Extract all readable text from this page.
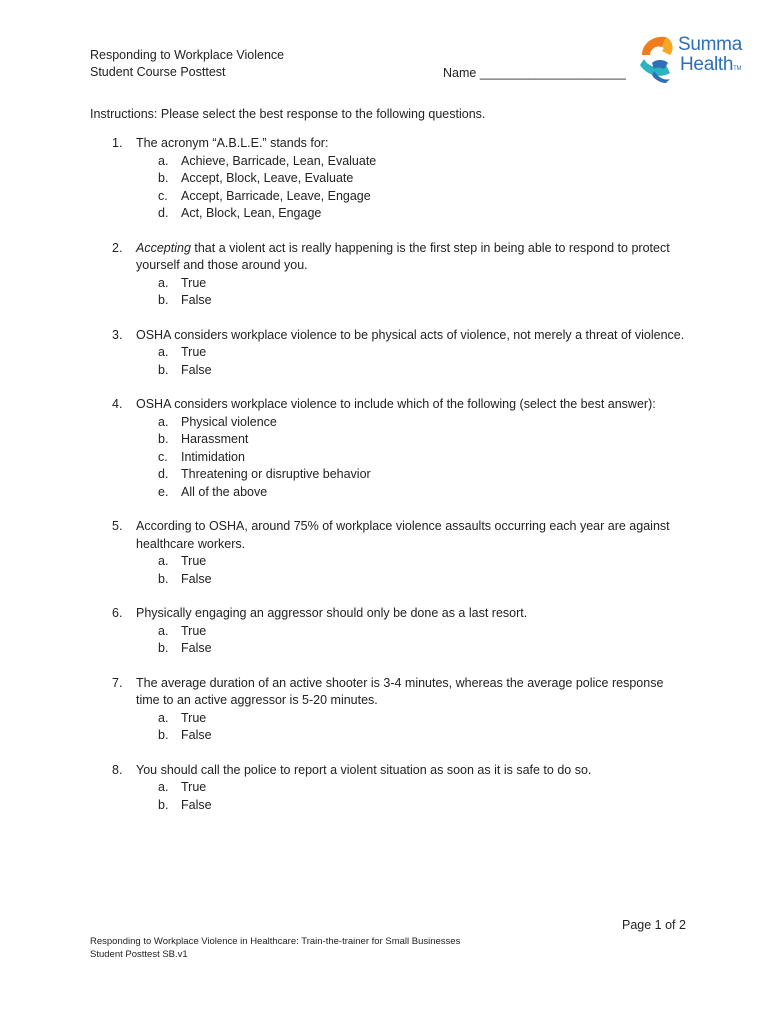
Responding to Workplace Violence
Student Course Posttest	Name _____________________
Summa
HealthTM
Instructions: Please select the best response to the following questions.
1. The acronym “A.B.L.E.” stands for:
a. Achieve, Barricade, Lean, Evaluate
b. Accept, Block, Leave, Evaluate
c. Accept, Barricade, Leave, Engage
d. Act, Block, Lean, Engage
2. Accepting that a violent act is really happening is the first step in being able to respond to protect yourself and those around you.
a. True
b. False
3. OSHA considers workplace violence to be physical acts of violence, not merely a threat of violence.
a. True
b. False
4. OSHA considers workplace violence to include which of the following (select the best answer):
a. Physical violence
b. Harassment
c. Intimidation
d. Threatening or disruptive behavior
e. All of the above
5. According to OSHA, around 75% of workplace violence assaults occurring each year are against healthcare workers.
a. True
b. False
6. Physically engaging an aggressor should only be done as a last resort.
a. True
b. False
7. The average duration of an active shooter is 3-4 minutes, whereas the average police response time to an active aggressor is 5-20 minutes.
a. True
b. False
8. You should call the police to report a violent situation as soon as it is safe to do so.
a. True
b. False
Page 1 of 2
Responding to Workplace Violence in Healthcare: Train-the-trainer for Small Businesses
Student Posttest SB.v1
